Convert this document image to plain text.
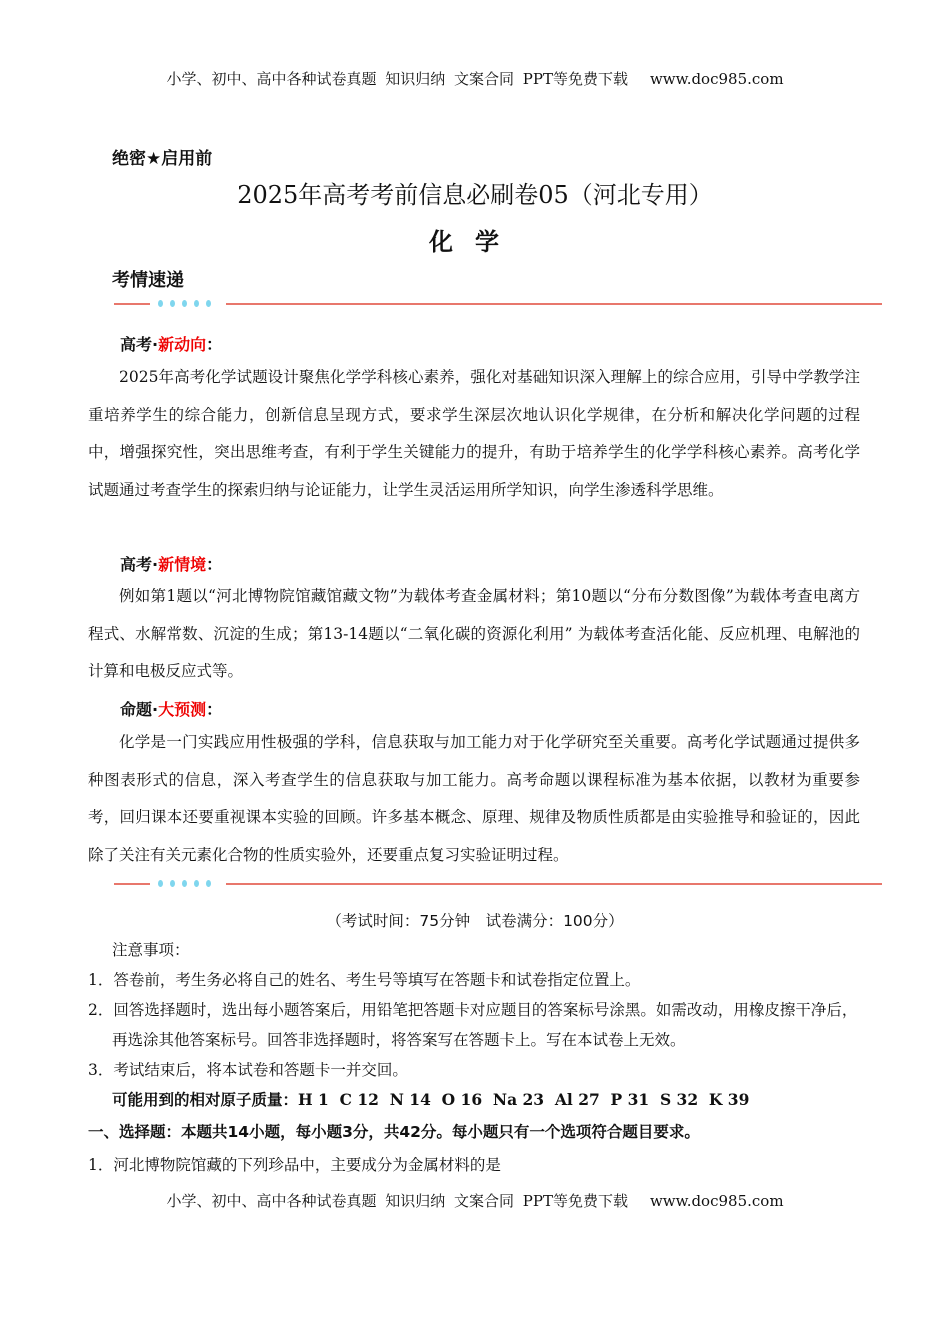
小学、初中、高中各种试卷真题 知识归纳 文案合同 PPT等免费下载 www.doc985.com
绝密★启用前
2025年高考考前信息必刷卷05（河北专用）
化学
考情速递
高考·新动向：
2025年高考化学试题设计聚焦化学学科核心素养，强化对基础知识深入理解上的综合应用，引导中学教学注重培养学生的综合能力，创新信息呈现方式，要求学生深层次地认识化学规律，在分析和解决化学问题的过程中，增强探究性，突出思维考查，有利于学生关键能力的提升，有助于培养学生的化学学科核心素养。高考化学试题通过考查学生的探索归纳与论证能力，让学生灵活运用所学知识，向学生渗透科学思维。
高考·新情境：
例如第1题以“河北博物院馆藏馆藏文物”为载体考查金属材料；第10题以“分布分数图像”为载体考查电离方程式、水解常数、沉淀的生成；第13-14题以“二氧化碳的资源化利用” 为载体考查活化能、反应机理、电解池的计算和电极反应式等。
命题·大预测：
化学是一门实践应用性极强的学科，信息获取与加工能力对于化学研究至关重要。高考化学试题通过提供多种图表形式的信息，深入考查学生的信息获取与加工能力。高考命题以课程标准为基本依据，以教材为重要参考，回归课本还要重视课本实验的回顾。许多基本概念、原理、规律及物质性质都是由实验推导和验证的，因此除了关注有关元素化合物的性质实验外，还要重点复习实验证明过程。
（考试时间：75分钟　试卷满分：100分）
注意事项：
1．答卷前，考生务必将自己的姓名、考生号等填写在答题卡和试卷指定位置上。
2．回答选择题时，选出每小题答案后，用铅笔把答题卡对应题目的答案标号涂黑。如需改动，用橡皮擦干净后，再选涂其他答案标号。回答非选择题时，将答案写在答题卡上。写在本试卷上无效。
3．考试结束后，将本试卷和答题卡一并交回。
可能用到的相对原子质量：H 1  C 12  N 14  O 16  Na 23  Al 27  P 31  S 32  K 39
一、选择题：本题共14小题，每小题3分，共42分。每小题只有一个选项符合题目要求。
1．河北博物院馆藏的下列珍品中，主要成分为金属材料的是
小学、初中、高中各种试卷真题 知识归纳 文案合同 PPT等免费下载 www.doc985.com
